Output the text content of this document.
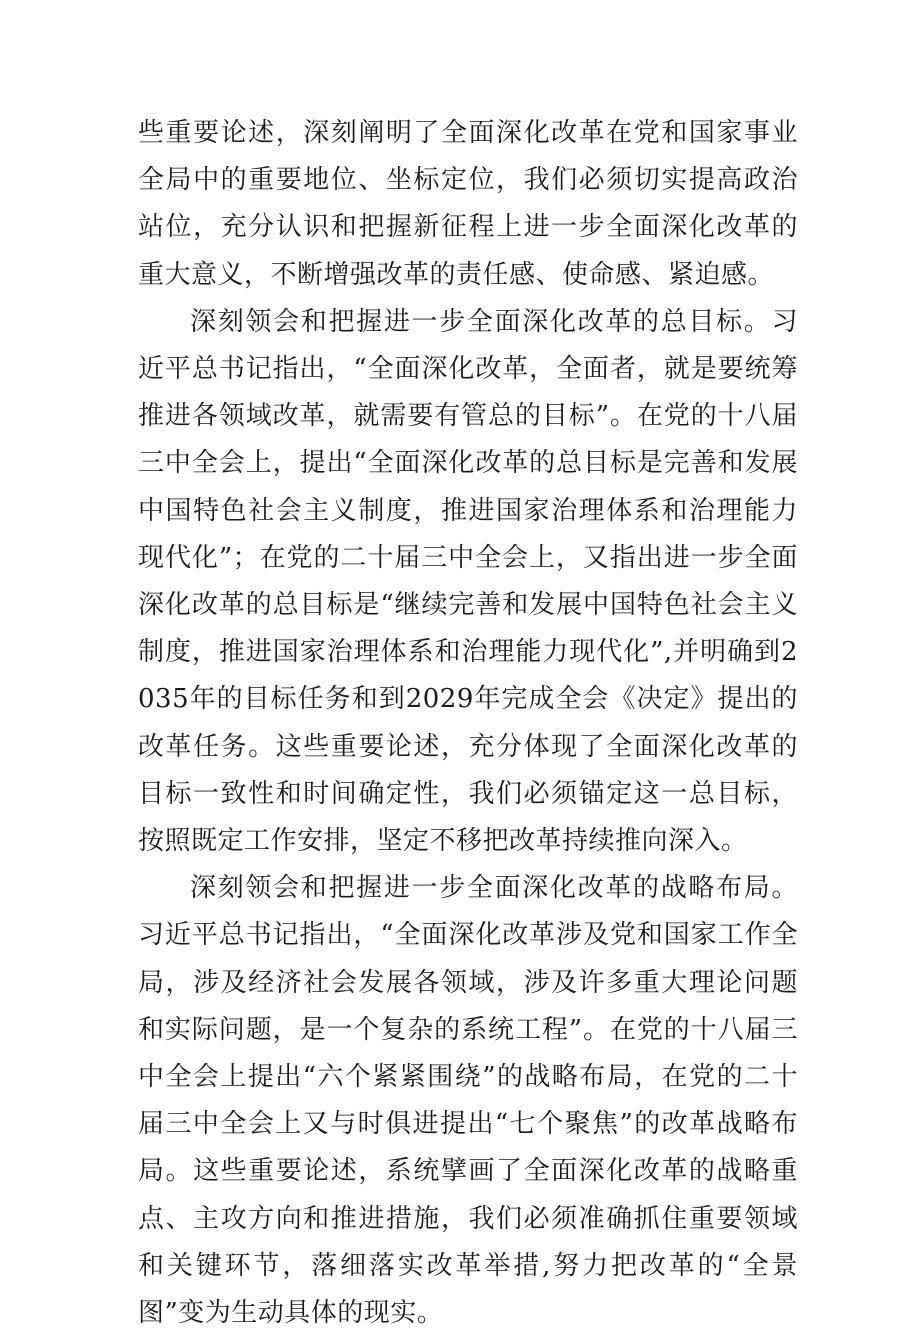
些重要论述，深刻阐明了全面深化改革在党和国家事业全局中的重要地位、坐标定位，我们必须切实提高政治站位，充分认识和把握新征程上进一步全面深化改革的重大意义，不断增强改革的责任感、使命感、紧迫感。

深刻领会和把握进一步全面深化改革的总目标。习近平总书记指出，“全面深化改革，全面者，就是要统筹推进各领域改革，就需要有管总的目标”。在党的十八届三中全会上，提出“全面深化改革的总目标是完善和发展中国特色社会主义制度，推进国家治理体系和治理能力现代化”；在党的二十届三中全会上，又指出进一步全面深化改革的总目标是“继续完善和发展中国特色社会主义制度，推进国家治理体系和治理能力现代化”,并明确到2035年的目标任务和到2029年完成全会《决定》提出的改革任务。这些重要论述，充分体现了全面深化改革的目标一致性和时间确定性，我们必须锚定这一总目标，按照既定工作安排，坚定不移把改革持续推向深入。

深刻领会和把握进一步全面深化改革的战略布局。习近平总书记指出，“全面深化改革涉及党和国家工作全局，涉及经济社会发展各领域，涉及许多重大理论问题和实际问题，是一个复杂的系统工程”。在党的十八届三中全会上提出“六个紧紧围绕”的战略布局，在党的二十届三中全会上又与时俱进提出“七个聚焦”的改革战略布局。这些重要论述，系统擘画了全面深化改革的战略重点、主攻方向和推进措施，我们必须准确抓住重要领域和关键环节，落细落实改革举措,努力把改革的“全景图”变为生动具体的现实。
